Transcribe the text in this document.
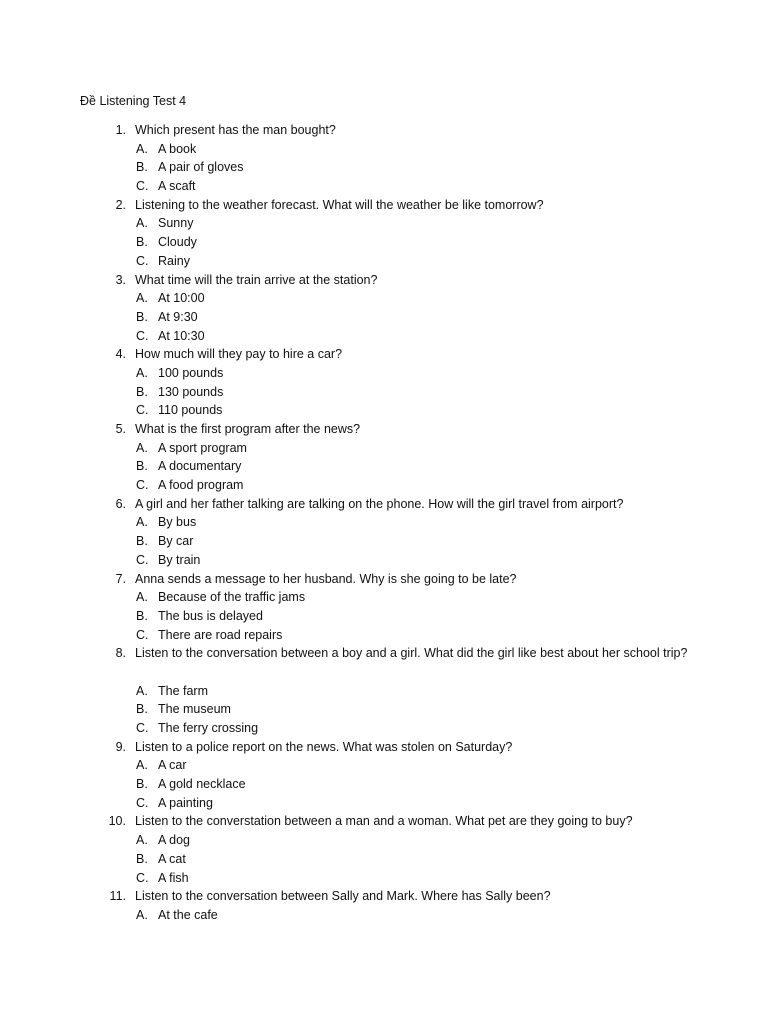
Đề Listening Test 4
1. Which present has the man bought?
A. A book
B. A pair of gloves
C. A scaft
2. Listening to the weather forecast. What will the weather be like tomorrow?
A. Sunny
B. Cloudy
C. Rainy
3. What time will the train arrive at the station?
A. At 10:00
B. At 9:30
C. At 10:30
4. How much will they pay to hire a car?
A. 100 pounds
B. 130 pounds
C. 110 pounds
5. What is the first program after the news?
A. A sport program
B. A documentary
C. A food program
6. A girl and her father talking are talking on the phone. How will the girl travel from airport?
A. By bus
B. By car
C. By train
7. Anna sends a message to her husband. Why is she going to be late?
A. Because of the traffic jams
B. The bus is delayed
C. There are road repairs
8. Listen to the conversation between a boy and a girl. What did the girl like best about her school trip?
A. The farm
B. The museum
C. The ferry crossing
9. Listen to a police report on the news. What was stolen on Saturday?
A. A car
B. A gold necklace
C. A painting
10. Listen to the converstation between a man and a woman. What pet are they going to buy?
A. A dog
B. A cat
C. A fish
11. Listen to the conversation between Sally and Mark. Where has Sally been?
A. At the cafe
